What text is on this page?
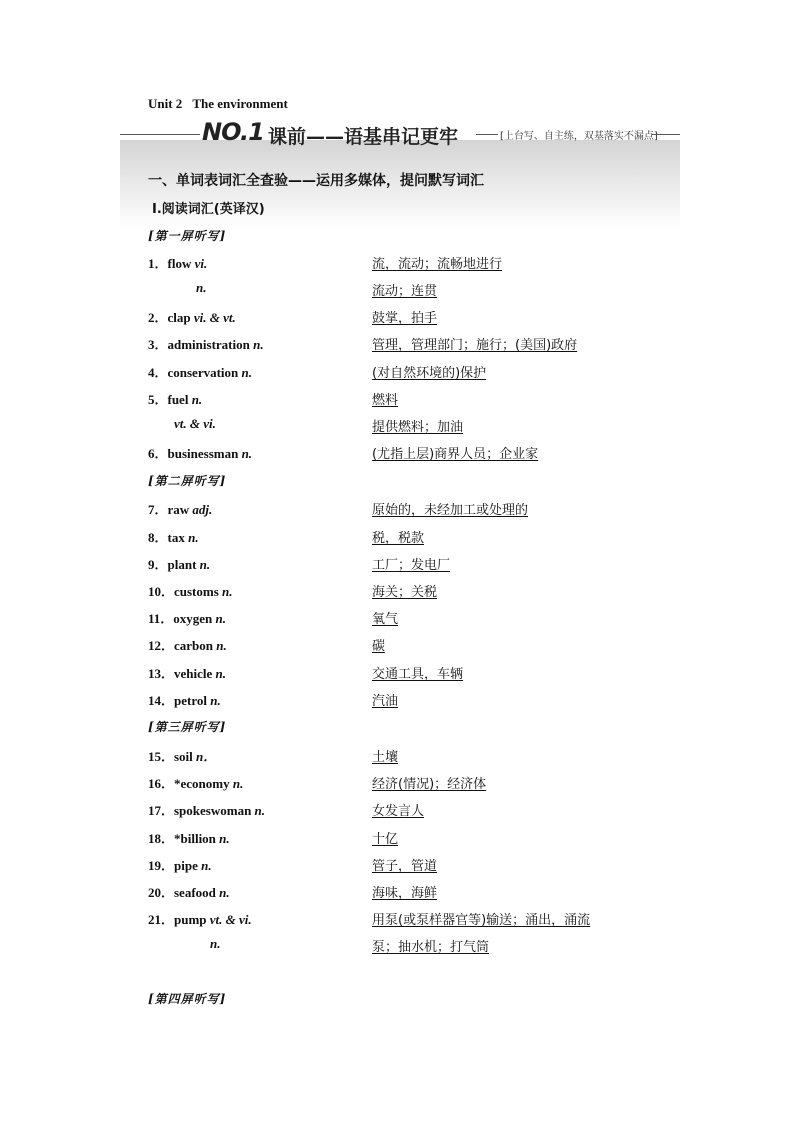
Unit 2 The environment
NO.1 课前——语基串记更牢	[上台写、自主练，双基落实不漏点]
一、单词表词汇全查验——运用多媒体，提问默写词汇
Ⅰ.阅读词汇(英译汉)
[第一屏听写]
[第二屏听写]
[第三屏听写]
[第四屏听写]
1．flow vi.	流，流动；流畅地进行
n.	流动；连贯
2．clap vi. & vt.	鼓掌，拍手
3．administration n.	管理，管理部门；施行；(美国)政府
4．conservation n.	(对自然环境的)保护
5．fuel n.	燃料
vt. & vi.	提供燃料；加油
6．businessman n.	(尤指上层)商界人员；企业家
7．raw adj.	原始的，未经加工或处理的
8．tax n.	税，税款
9．plant n.	工厂；发电厂
10．customs n.	海关；关税
11．oxygen n.	氧气
12．carbon n.	碳
13．vehicle n.	交通工具，车辆
14．petrol n.	汽油
15．soil n．	土壤
16．*economy n.	经济(情况)；经济体
17．spokeswoman n.	女发言人
18．*billion n.	十亿
19．pipe n.	管子，管道
20．seafood n.	海味，海鲜
21．pump vt. & vi.	用泵(或泵样器官等)输送；涌出，涌流
n.	泵；抽水机；打气筒
